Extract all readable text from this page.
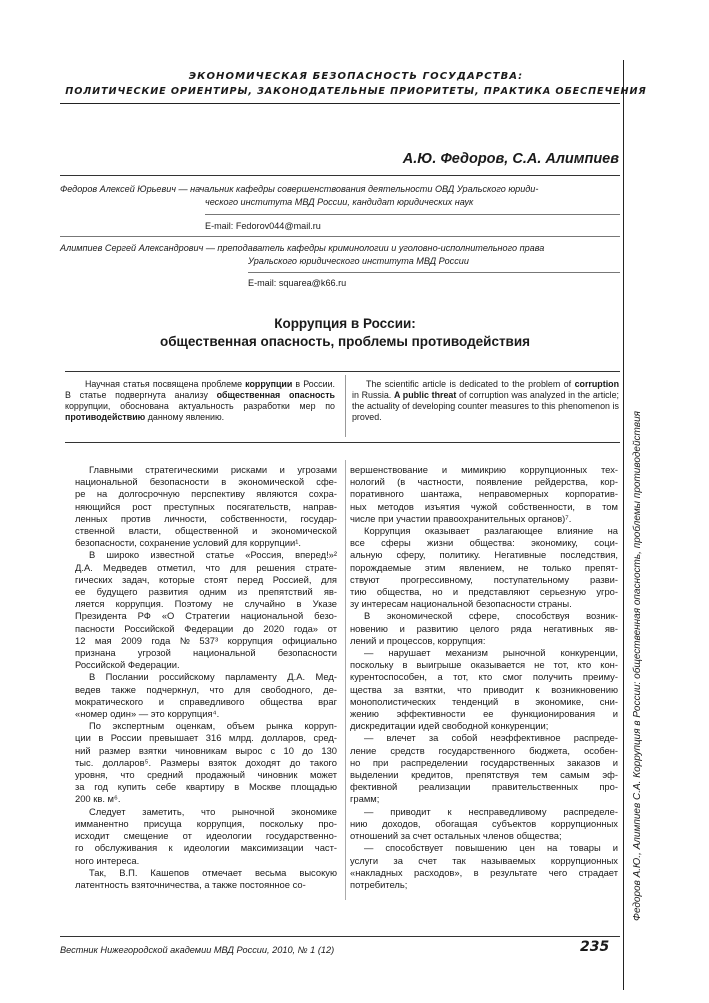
ЭКОНОМИЧЕСКАЯ БЕЗОПАСНОСТЬ ГОСУДАРСТВА:
ПОЛИТИЧЕСКИЕ ОРИЕНТИРЫ, ЗАКОНОДАТЕЛЬНЫЕ ПРИОРИТЕТЫ, ПРАКТИКА ОБЕСПЕЧЕНИЯ
А.Ю. Федоров, С.А. Алимпиев
Федоров Алексей Юрьевич — начальник кафедры совершенствования деятельности ОВД Уральского юриди-
ческого института МВД России, кандидат юридических наук
E-mail: Fedorov044@mail.ru
Алимпиев Сергей Александрович — преподаватель кафедры криминологии и уголовно-исполнительного права
Уральского юридического института МВД России
E-mail: squarea@k66.ru
Коррупция в России:
общественная опасность, проблемы противодействия

Научная статья посвящена проблеме коррупции в России. В статье подвергнута анализу общественная опасность коррупции, обоснована актуальность разработки мер по противодействию данному явлению.

The scientific article is dedicated to the problem of corruption in Russia. A public threat of corruption was analyzed in the article; the actuality of developing counter measures to this phenomenon is proved.

Главными стратегическими рисками и угрозами
национальной безопасности в экономической сфе-
ре на долгосрочную перспективу являются сохра-
няющийся рост преступных посягательств, направ-
ленных против личности, собственности, государ-
ственной власти, общественной и экономической
безопасности, сохранение условий для коррупции¹.
В широко известной статье «Россия, вперед!»²
Д.А. Медведев отметил, что для решения страте-
гических задач, которые стоят перед Россией, для
ее будущего развития одним из препятствий яв-
ляется коррупция. Поэтому не случайно в Указе
Президента РФ «О Стратегии национальной безо-
пасности Российской Федерации до 2020 года» от
12 мая 2009 года № 537³ коррупция официально
признана угрозой национальной безопасности
Российской Федерации.
В Послании российскому парламенту Д.А. Мед-
ведев также подчеркнул, что для свободного, де-
мократического и справедливого общества враг
«номер один» — это коррупция⁴.
По экспертным оценкам, объем рынка корруп-
ции в России превышает 316 млрд. долларов, сред-
ний размер взятки чиновникам вырос с 10 до 130
тыс. долларов⁵. Размеры взяток доходят до такого
уровня, что средний продажный чиновник может
за год купить себе квартиру в Москве площадью
200 кв. м⁶.
Следует заметить, что рыночной экономике
имманентно присуща коррупция, поскольку про-
исходит смещение от идеологии государственно-
го обслуживания к идеологии максимизации част-
ного интереса.
Так, В.П. Кашепов отмечает весьма высокую
латентность взяточничества, а также постоянное со-
вершенствование и мимикрию коррупционных тех-
нологий (в частности, появление рейдерства, кор-
поративного шантажа, неправомерных корпоратив-
ных методов изъятия чужой собственности, в том
числе при участии правоохранительных органов)⁷.
Коррупция оказывает разлагающее влияние на
все сферы жизни общества: экономику, соци-
альную сферу, политику. Негативные последствия,
порождаемые этим явлением, не только препят-
ствуют прогрессивному, поступательному разви-
тию общества, но и представляют серьезную угро-
зу интересам национальной безопасности страны.
В экономической сфере, способствуя возник-
новению и развитию целого ряда негативных яв-
лений и процессов, коррупция:
— нарушает механизм рыночной конкуренции,
поскольку в выигрыше оказывается не тот, кто кон-
курентоспособен, а тот, кто смог получить преиму-
щества за взятки, что приводит к возникновению
монополистических тенденций в экономике, сни-
жению эффективности ее функционирования и
дискредитации идей свободной конкуренции;
— влечет за собой неэффективное распреде-
ление средств государственного бюджета, особен-
но при распределении государственных заказов и
выделении кредитов, препятствуя тем самым эф-
фективной реализации правительственных про-
грамм;
— приводит к несправедливому распределе-
нию доходов, обогащая субъектов коррупционных
отношений за счет остальных членов общества;
— способствует повышению цен на товары и
услуги за счет так называемых коррупционных
«накладных расходов», в результате чего страдает
потребитель;
Вестник Нижегородской академии МВД России, 2010, № 1 (12)	235
Федоров А.Ю., Алимпиев С.А. Коррупция в России: общественная опасность, проблемы противодействия
